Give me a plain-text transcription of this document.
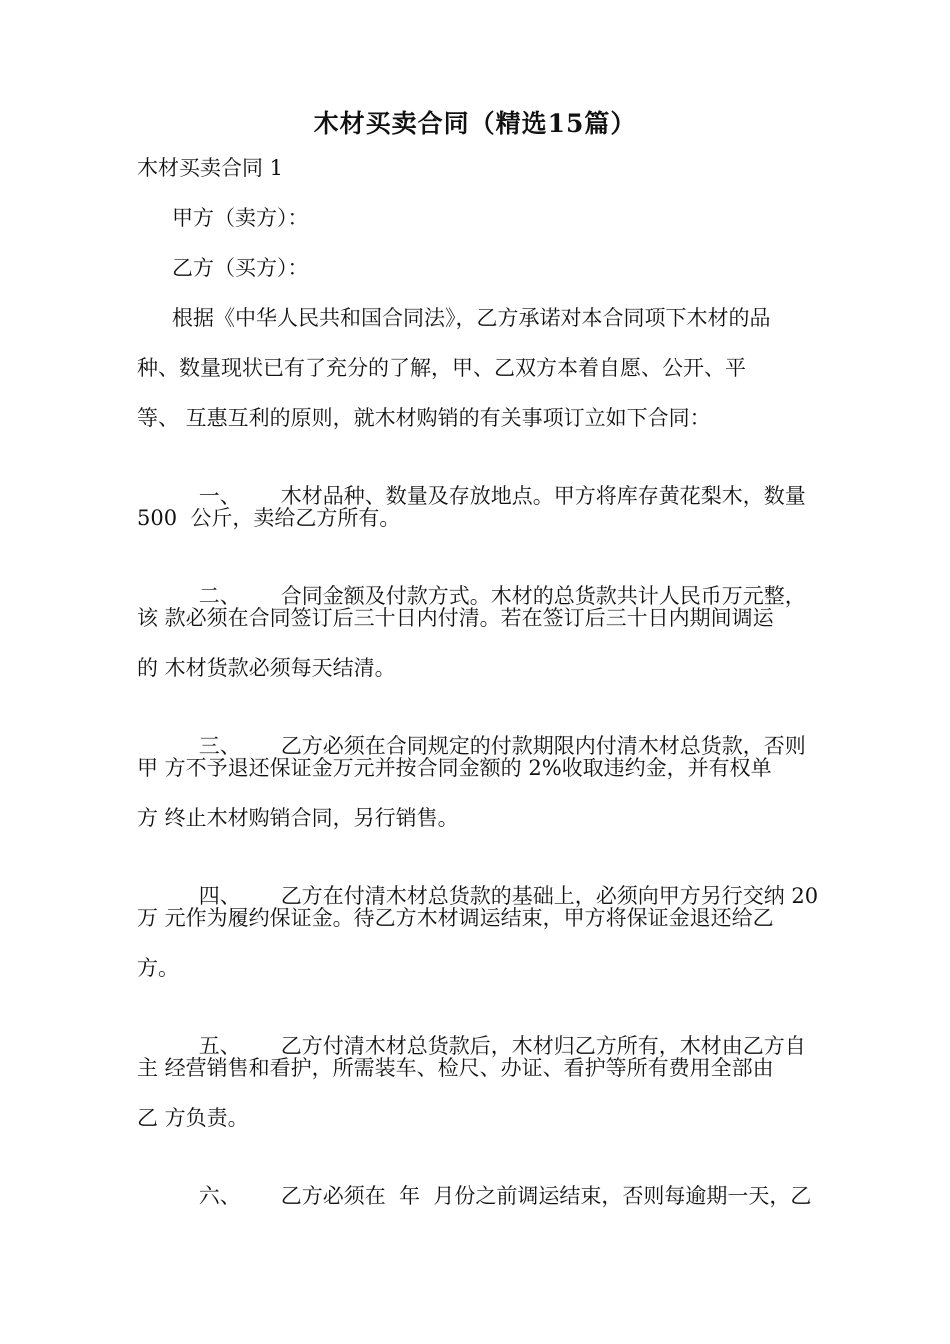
木材买卖合同（精选15篇）
木材买卖合同 1
甲方（卖方）：
乙方（买方）：
根据《中华人民共和国合同法》，乙方承诺对本合同项下木材的品
种、数量现状已有了充分的了解，甲、乙双方本着自愿、公开、平
等、 互惠互利的原则，就木材购销的有关事项订立如下合同：

一、 木材品种、数量及存放地点。甲方将库存黄花梨木，数量

500  公斤，卖给乙方所有。

二、 合同金额及付款方式。木材的总货款共计人民币万元整，

该 款必须在合同签订后三十日内付清。若在签订后三十日内期间调运
的 木材货款必须每天结清。

三、 乙方必须在合同规定的付款期限内付清木材总货款，否则

甲 方不予退还保证金万元并按合同金额的 2%收取违约金，并有权单
方 终止木材购销合同，另行销售。

四、 乙方在付清木材总货款的基础上，必须向甲方另行交纳 20

万 元作为履约保证金。待乙方木材调运结束，甲方将保证金退还给乙
方。

五、 乙方付清木材总货款后，木材归乙方所有，木材由乙方自

主 经营销售和看护，所需装车、检尺、办证、看护等所有费用全部由
乙 方负责。

六、 乙方必须在  年  月份之前调运结束，否则每逾期一天，乙
